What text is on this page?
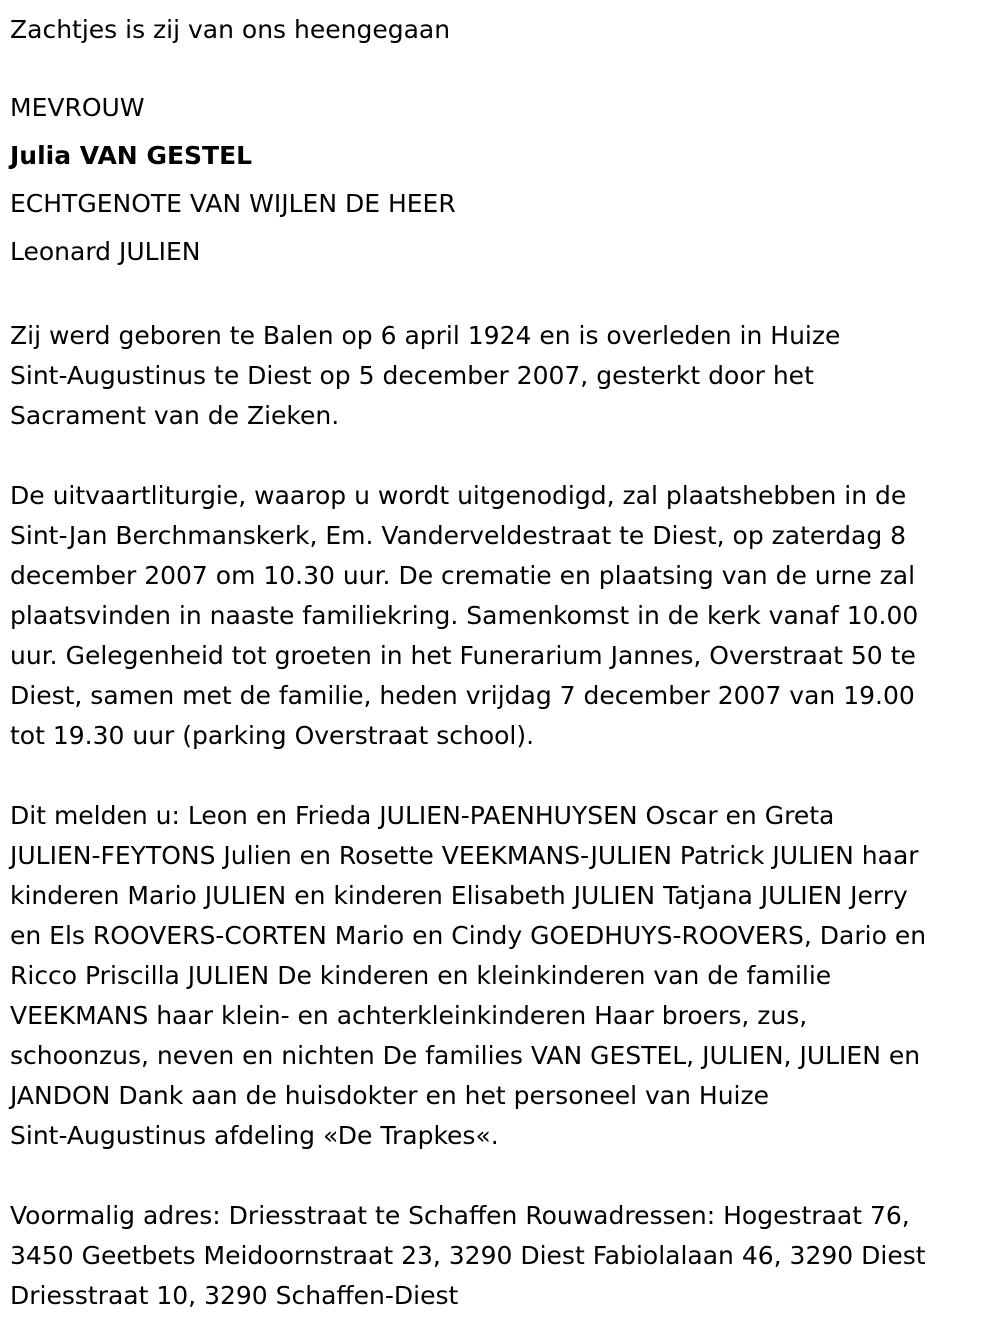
Zachtjes is zij van ons heengegaan

MEVROUW

Julia VAN GESTEL

ECHTGENOTE VAN WIJLEN DE HEER

Leonard JULIEN

Zij werd geboren te Balen op 6 april 1924 en is overleden in Huize
Sint-Augustinus te Diest op 5 december 2007, gesterkt door het
Sacrament van de Zieken.

De uitvaartliturgie, waarop u wordt uitgenodigd, zal plaatshebben in de
Sint-Jan Berchmanskerk, Em. Vanderveldestraat te Diest, op zaterdag 8
december 2007 om 10.30 uur. De crematie en plaatsing van de urne zal
plaatsvinden in naaste familiekring. Samenkomst in de kerk vanaf 10.00
uur. Gelegenheid tot groeten in het Funerarium Jannes, Overstraat 50 te
Diest, samen met de familie, heden vrijdag 7 december 2007 van 19.00
tot 19.30 uur (parking Overstraat school).

Dit melden u: Leon en Frieda JULIEN-PAENHUYSEN Oscar en Greta
JULIEN-FEYTONS Julien en Rosette VEEKMANS-JULIEN Patrick JULIEN haar
kinderen Mario JULIEN en kinderen Elisabeth JULIEN Tatjana JULIEN Jerry
en Els ROOVERS-CORTEN Mario en Cindy GOEDHUYS-ROOVERS, Dario en
Ricco Priscilla JULIEN De kinderen en kleinkinderen van de familie
VEEKMANS haar klein- en achterkleinkinderen Haar broers, zus,
schoonzus, neven en nichten De families VAN GESTEL, JULIEN, JULIEN en
JANDON Dank aan de huisdokter en het personeel van Huize
Sint-Augustinus afdeling «De Trapkes«.

Voormalig adres: Driesstraat te Schaffen Rouwadressen: Hogestraat 76,
3450 Geetbets Meidoornstraat 23, 3290 Diest Fabiolalaan 46, 3290 Diest
Driesstraat 10, 3290 Schaffen-Diest
